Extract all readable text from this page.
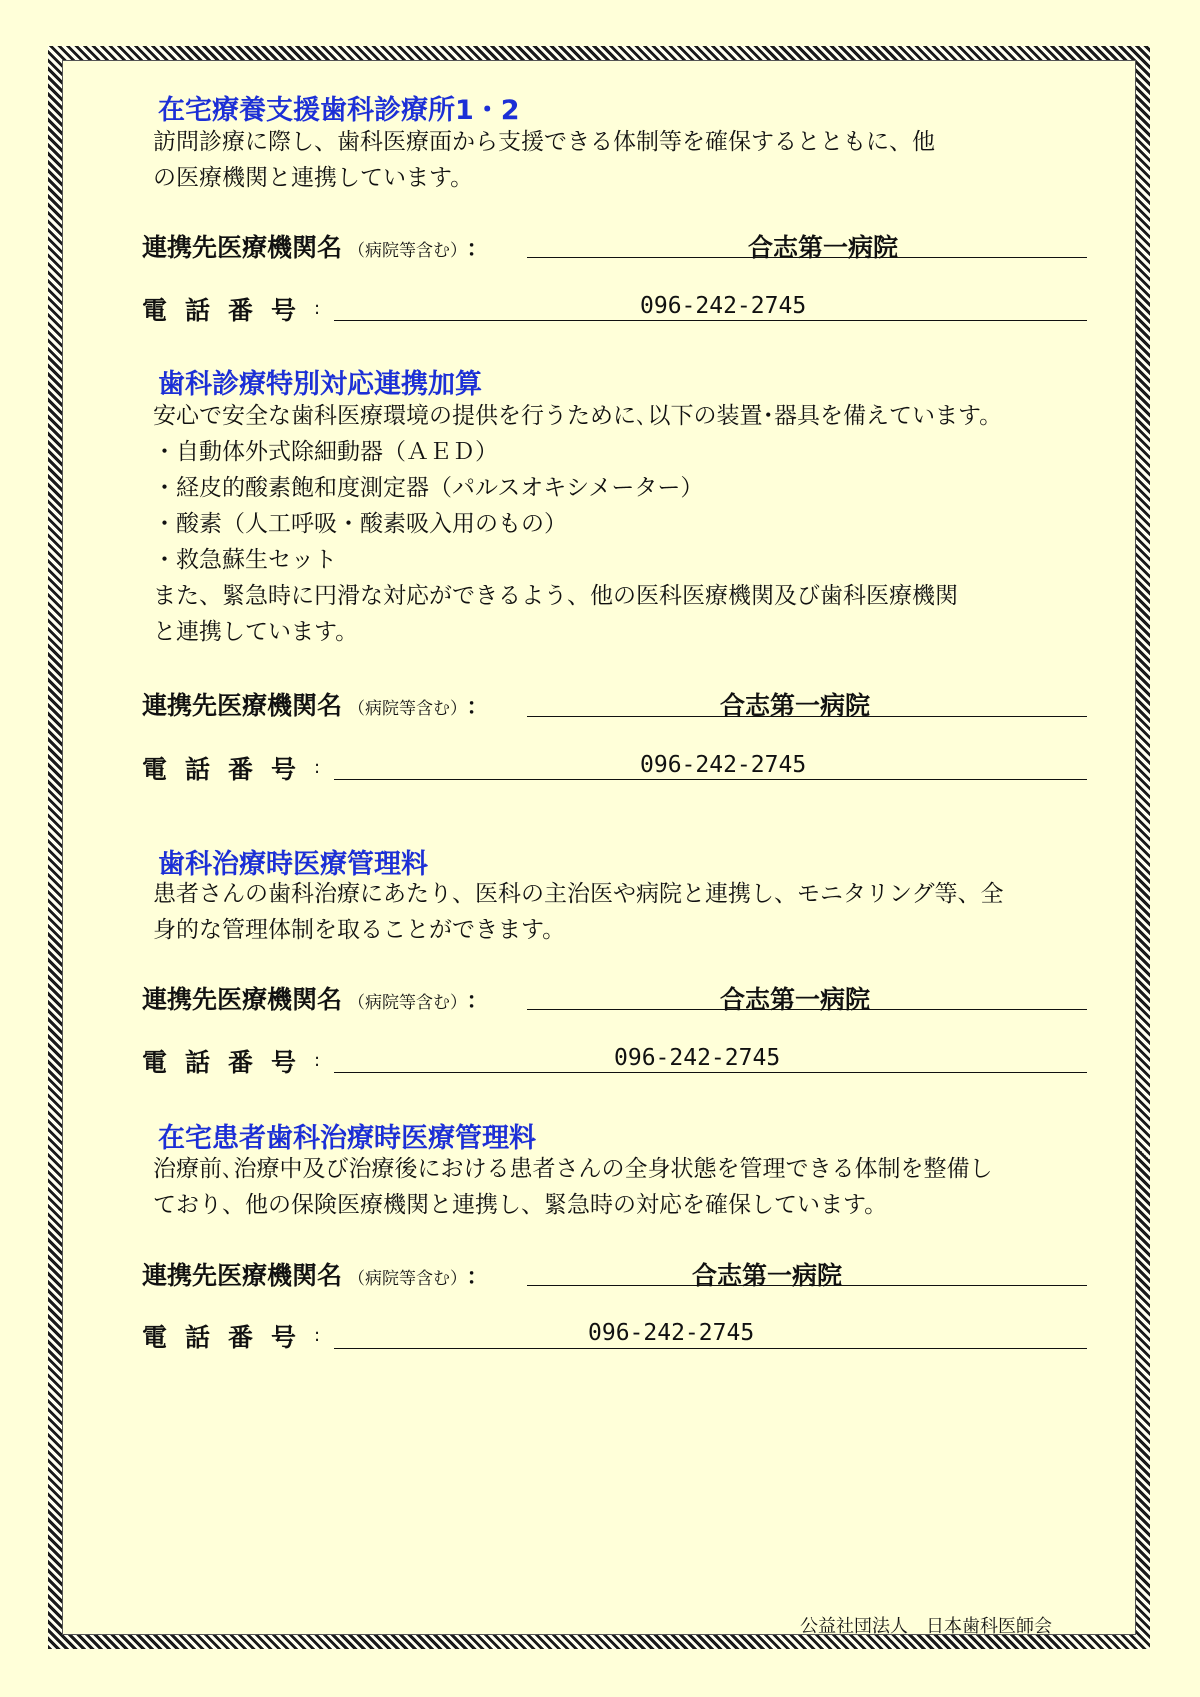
在宅療養支援歯科診療所1・2
訪問診療に際し、歯科医療面から支援できる体制等を確保するとともに、他
の医療機関と連携しています。
連携先医療機関名 （病院等含む） ：	合志第一病院
電話番号 :	096-242-2745
歯科診療特別対応連携加算
安心で安全な歯科医療環境の提供を行うために､以下の装置･器具を備えています。
・自動体外式除細動器（ＡＥＤ）
・経皮的酸素飽和度測定器（パルスオキシメーター）
・酸素（人工呼吸・酸素吸入用のもの）
・救急蘇生セット
また、緊急時に円滑な対応ができるよう、他の医科医療機関及び歯科医療機関
と連携しています。
連携先医療機関名 （病院等含む） ：	合志第一病院
電話番号 :	096-242-2745
歯科治療時医療管理料
患者さんの歯科治療にあたり、医科の主治医や病院と連携し、モニタリング等、全
身的な管理体制を取ることができます。
連携先医療機関名 （病院等含む） ：	合志第一病院
電話番号 :	096-242-2745
在宅患者歯科治療時医療管理料
治療前､治療中及び治療後における患者さんの全身状態を管理できる体制を整備し
ており、他の保険医療機関と連携し、緊急時の対応を確保しています。
連携先医療機関名 （病院等含む） ：	合志第一病院
電話番号 :	096-242-2745
公益社団法人　日本歯科医師会
